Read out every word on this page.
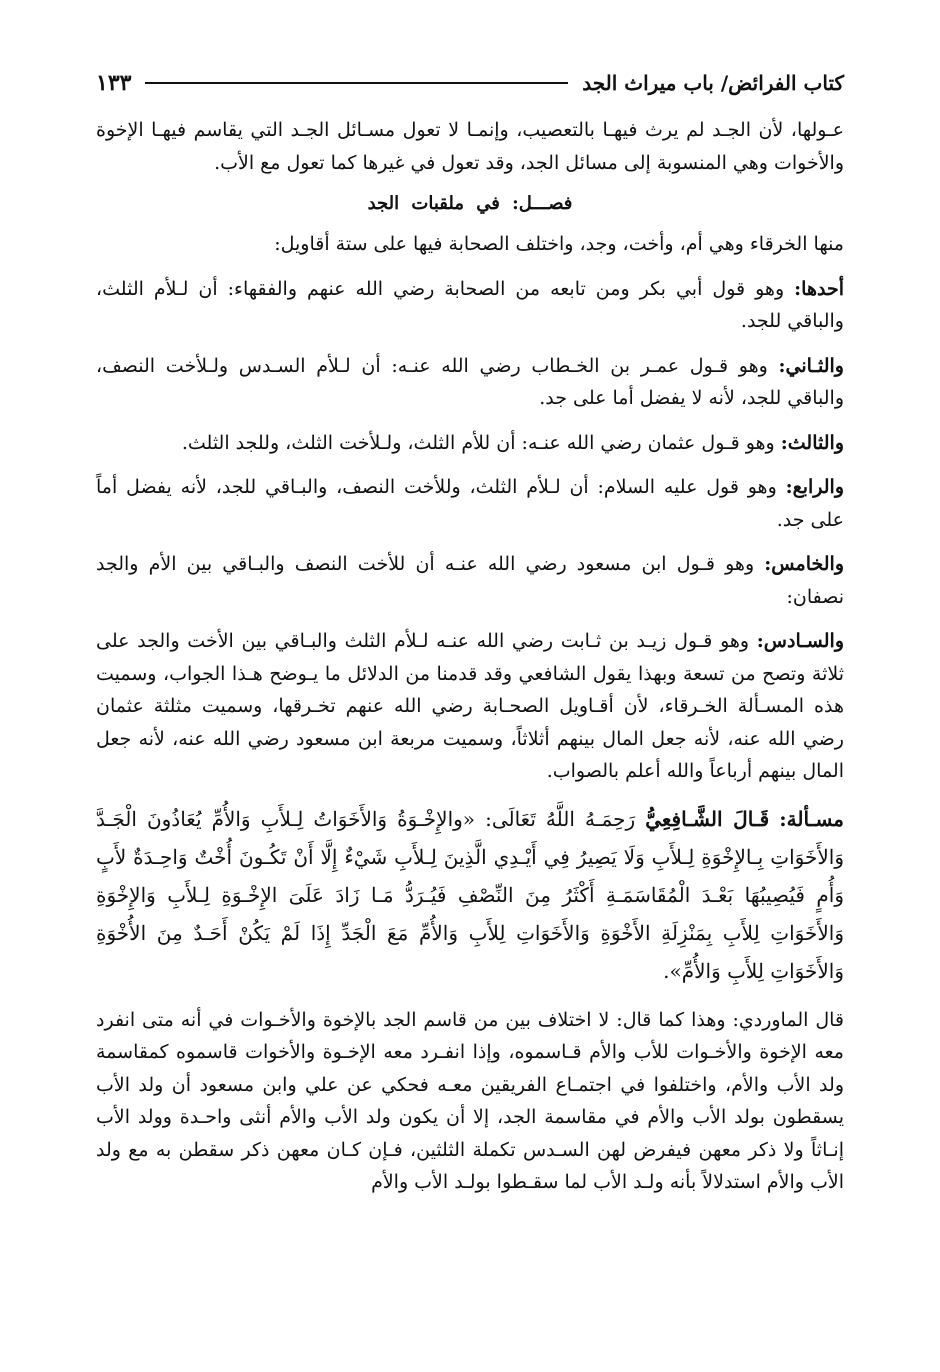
كتاب الفرائض/ باب ميراث الجد
١٣٣

عـولها، لأن الجـد لم يرث فيهـا بالتعصيب، وإنمـا لا تعول مسـائل الجـد التي يقاسم فيهـا الإخوة والأخوات وهي المنسوبة إلى مسائل الجد، وقد تعول في غيرها كما تعول مع الأب.

فصـــل: في ملقبات الجد

منها الخرقاء وهي أم، وأخت، وجد، واختلف الصحابة فيها على ستة أقاويل:

أحدها: وهو قول أبي بكر ومن تابعه من الصحابة رضي الله عنهم والفقهاء: أن لـلأم الثلث، والباقي للجد.

والثـاني: وهو قـول عمـر بن الخـطاب رضي الله عنـه: أن لـلأم السـدس ولـلأخت النصف، والباقي للجد، لأنه لا يفضل أما على جد.

والثالث: وهو قـول عثمان رضي الله عنـه: أن للأم الثلث، ولـلأخت الثلث، وللجد الثلث.

والرابع: وهو قول عليه السلام: أن لـلأم الثلث، وللأخت النصف، والبـاقي للجد، لأنه يفضل أماً على جد.

والخامس: وهو قـول ابن مسعود رضي الله عنـه أن للأخت النصف والبـاقي بين الأم والجد نصفان:

والسـادس: وهو قـول زيـد بن ثـابت رضي الله عنـه لـلأم الثلث والبـاقي بين الأخت والجد على ثلاثة وتصح من تسعة وبهذا يقول الشافعي وقد قدمنا من الدلائل ما يـوضح هـذا الجواب، وسميت هذه المسـألة الخـرقاء، لأن أقـاويل الصحـابة رضي الله عنهم تخـرقها، وسميت مثلثة عثمان رضي الله عنه، لأنه جعل المال بينهم أثلاثاً، وسميت مربعة ابن مسعود رضي الله عنه، لأنه جعل المال بينهم أرباعاً والله أعلم بالصواب.

مسـألة: قَـالَ الشَّـافِعِيُّ رَحِمَـهُ اللَّهُ تَعَالَى: «والإِخْـوَةُ وَالأَخَوَاتُ لِـلأَبِ وَالأُمِّ يُعَاذُونَ الْجَـدَّ وَالأَخَوَاتِ بِـالإِخْوَةِ لِـلأَبِ وَلَا يَصِيرُ فِي أَيْـدِي الَّذِينَ لِـلأَبِ شَيْءٌ إِلَّا أَنْ تَكُـونَ أُخْتٌ وَاحِـدَةٌ لأَبٍ وَأُمٍ فَيُصِيبُهَا بَعْـدَ الْمُقَاسَمَـةِ أَكْثَرُ مِنَ النِّصْفِ فَيُـرَدُّ مَـا زَادَ عَلَىَ الإِخْـوَةِ لِـلأَبِ وَالإِخْوَةِ وَالأَخَوَاتِ لِلأَبِ بِمَنْزِلَةِ الأَخْوَةِ وَالأَخَوَاتِ لِلأَبِ وَالأُمِّ مَعَ الْجَدِّ إِذَا لَمْ يَكُنْ أَحَـدٌ مِنَ الأُخْوَةِ وَالأَخَوَاتِ لِلأَبِ وَالأُمِّ».

قال الماوردي: وهذا كما قال: لا اختلاف بين من قاسم الجد بالإخوة والأخـوات في أنه متى انفرد معه الإخوة والأخـوات للأب والأم قـاسموه، وإذا انفـرد معه الإخـوة والأخوات قاسموه كمقاسمة ولد الأب والأم، واختلفوا في اجتمـاع الفريقين معـه فحكي عن علي وابن مسعود أن ولد الأب يسقطون بولد الأب والأم في مقاسمة الجد، إلا أن يكون ولد الأب والأم أنثى واحـدة وولد الأب إنـاثاً ولا ذكر معهن فيفرض لهن السـدس تكملة الثلثين، فـإن كـان معهن ذكر سقطن به مع ولد الأب والأم استدلالاً بأنه ولـد الأب لما سقـطوا بولـد الأب والأم
